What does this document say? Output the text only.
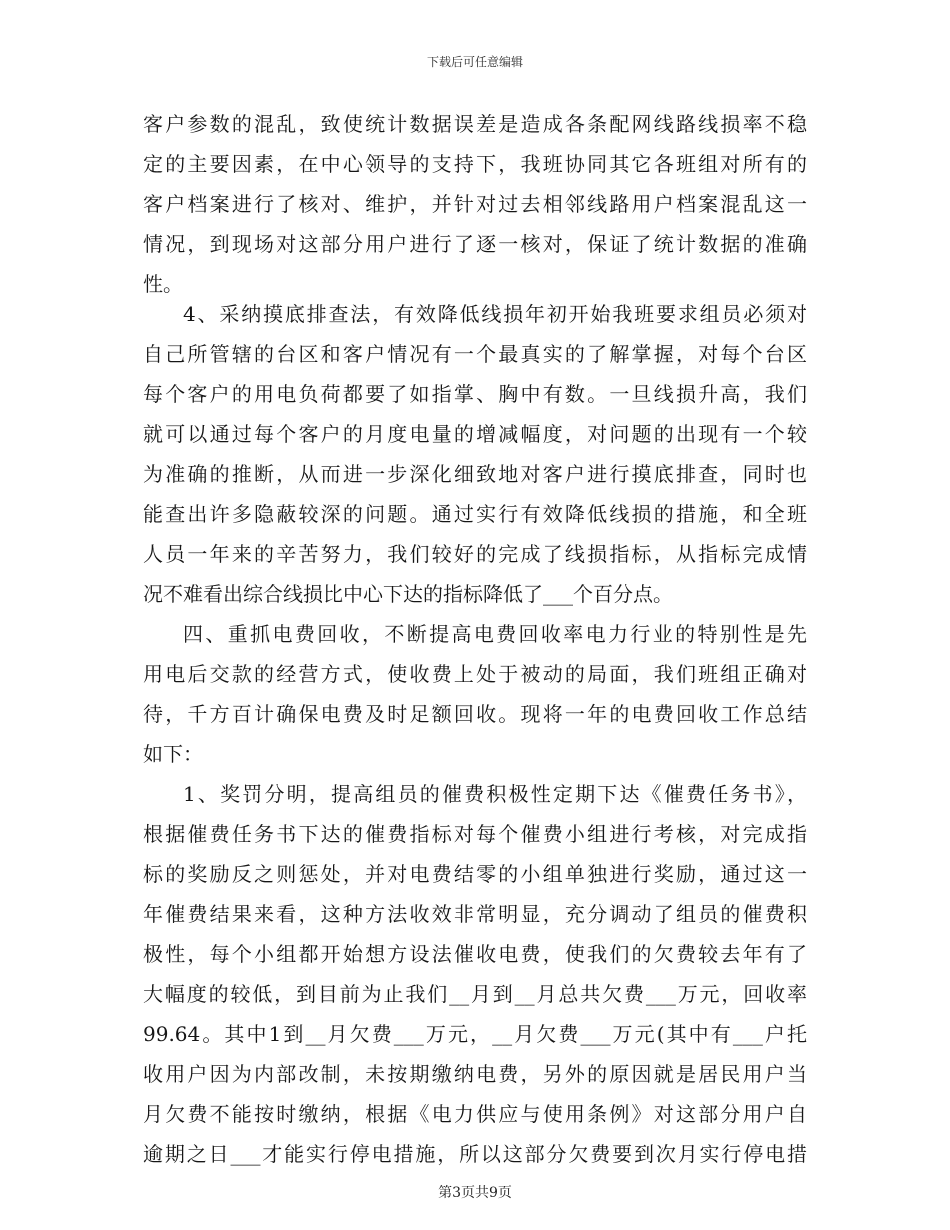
下载后可任意编辑
客户参数的混乱，致使统计数据误差是造成各条配网线路线损率不稳
定的主要因素，在中心领导的支持下，我班协同其它各班组对所有的
客户档案进行了核对、维护，并针对过去相邻线路用户档案混乱这一
情况，到现场对这部分用户进行了逐一核对，保证了统计数据的准确
性。
4、采纳摸底排查法，有效降低线损年初开始我班要求组员必须对
自己所管辖的台区和客户情况有一个最真实的了解掌握，对每个台区
每个客户的用电负荷都要了如指掌、胸中有数。一旦线损升高，我们
就可以通过每个客户的月度电量的增减幅度，对问题的出现有一个较
为准确的推断，从而进一步深化细致地对客户进行摸底排查，同时也
能查出许多隐蔽较深的问题。通过实行有效降低线损的措施，和全班
人员一年来的辛苦努力，我们较好的完成了线损指标，从指标完成情
况不难看出综合线损比中心下达的指标降低了___个百分点。
四、重抓电费回收，不断提高电费回收率电力行业的特别性是先
用电后交款的经营方式，使收费上处于被动的局面，我们班组正确对
待，千方百计确保电费及时足额回收。现将一年的电费回收工作总结
如下：
1、奖罚分明，提高组员的催费积极性定期下达《催费任务书》，
根据催费任务书下达的催费指标对每个催费小组进行考核，对完成指
标的奖励反之则惩处，并对电费结零的小组单独进行奖励，通过这一
年催费结果来看，这种方法收效非常明显，充分调动了组员的催费积
极性，每个小组都开始想方设法催收电费，使我们的欠费较去年有了
大幅度的较低，到目前为止我们__月到__月总共欠费___万元，回收率
99.64。其中1到__月欠费___万元，__月欠费___万元(其中有___户托
收用户因为内部改制，未按期缴纳电费，另外的原因就是居民用户当
月欠费不能按时缴纳，根据《电力供应与使用条例》对这部分用户自
逾期之日___才能实行停电措施，所以这部分欠费要到次月实行停电措
第3页共9页
